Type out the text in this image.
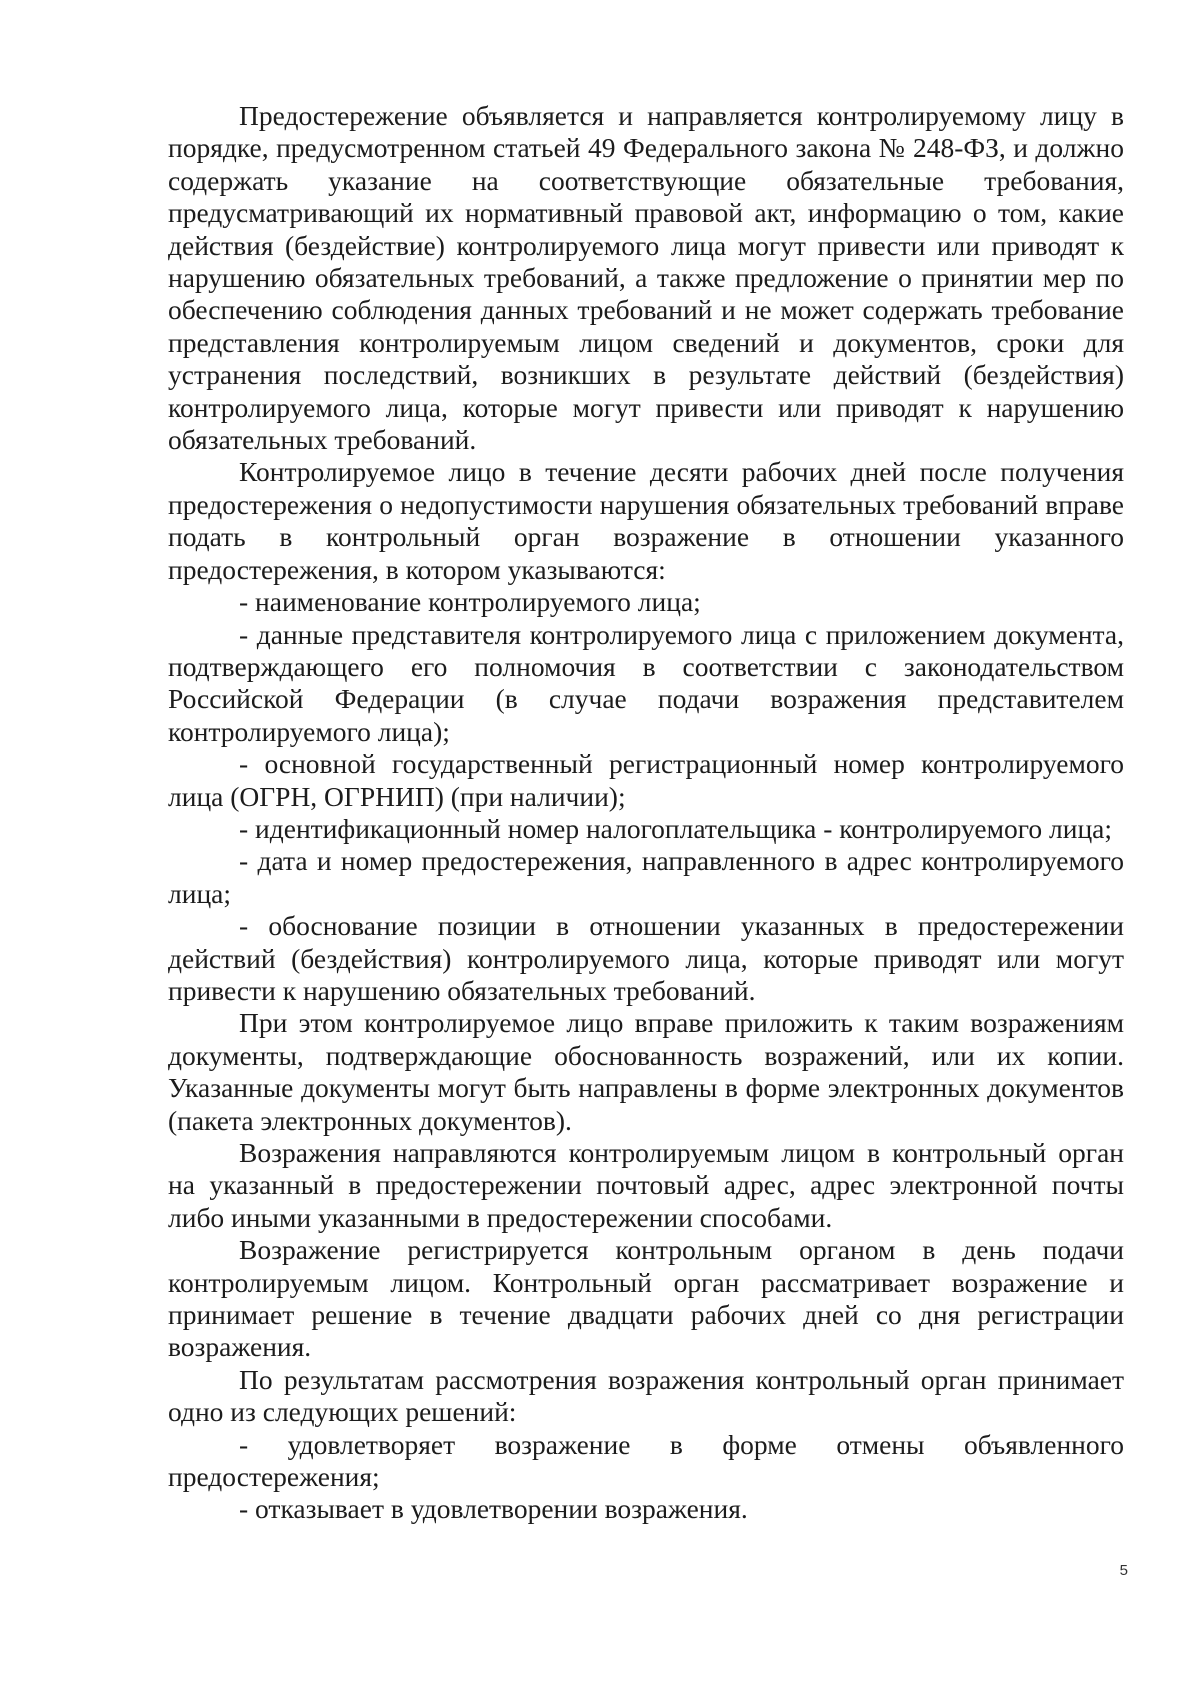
Предостережение объявляется и направляется контролируемому лицу в порядке, предусмотренном статьей 49 Федерального закона № 248-ФЗ, и должно содержать указание на соответствующие обязательные требования, предусматривающий их нормативный правовой акт, информацию о том, какие действия (бездействие) контролируемого лица могут привести или приводят к нарушению обязательных требований, а также предложение о принятии мер по обеспечению соблюдения данных требований и не может содержать требование представления контролируемым лицом сведений и документов, сроки для устранения последствий, возникших в результате действий (бездействия) контролируемого лица, которые могут привести или приводят к нарушению обязательных требований.

Контролируемое лицо в течение десяти рабочих дней после получения предостережения о недопустимости нарушения обязательных требований вправе подать в контрольный орган возражение в отношении указанного предостережения, в котором указываются:

- наименование контролируемого лица;

- данные представителя контролируемого лица с приложением документа, подтверждающего его полномочия в соответствии с законодательством Российской Федерации (в случае подачи возражения представителем контролируемого лица);

- основной государственный регистрационный номер контролируемого лица (ОГРН, ОГРНИП) (при наличии);

- идентификационный номер налогоплательщика - контролируемого лица;

- дата и номер предостережения, направленного в адрес контролируемого лица;

- обоснование позиции в отношении указанных в предостережении действий (бездействия) контролируемого лица, которые приводят или могут привести к нарушению обязательных требований.

При этом контролируемое лицо вправе приложить к таким возражениям документы, подтверждающие обоснованность возражений, или их копии. Указанные документы могут быть направлены в форме электронных документов (пакета электронных документов).

Возражения направляются контролируемым лицом в контрольный орган на указанный в предостережении почтовый адрес, адрес электронной почты либо иными указанными в предостережении способами.

Возражение регистрируется контрольным органом в день подачи контролируемым лицом. Контрольный орган рассматривает возражение и принимает решение в течение двадцати рабочих дней со дня регистрации возражения.

По результатам рассмотрения возражения контрольный орган принимает одно из следующих решений:

- удовлетворяет возражение в форме отмены объявленного предостережения;

- отказывает в удовлетворении возражения.

5
